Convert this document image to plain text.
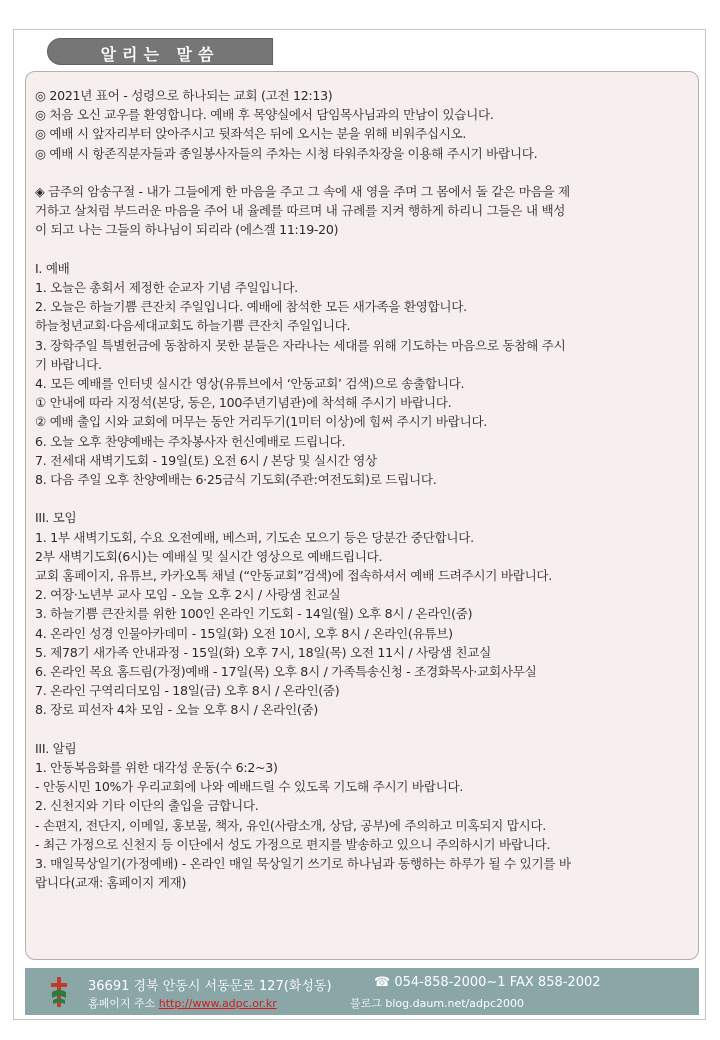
알리는 말씀
◎ 2021년 표어 - 성령으로 하나되는 교회 (고전 12:13)
◎ 처음 오신 교우를 환영합니다. 예배 후 목양실에서 담임목사님과의 만남이 있습니다.
◎ 예배 시 앞자리부터 앉아주시고 뒷좌석은 뒤에 오시는 분을 위해 비워주십시오.
◎ 예배 시 항존직분자들과 종일봉사자들의 주차는 시청 타워주차장을 이용해 주시기 바랍니다.
◈ 금주의 암송구절 - 내가 그들에게 한 마음을 주고 그 속에 새 영을 주며 그 몸에서 돌 같은 마음을 제
거하고 살처럼 부드러운 마음을 주어 내 율례를 따르며 내 규례를 지켜 행하게 하리니 그들은 내 백성
이 되고 나는 그들의 하나님이 되리라 (에스겔 11:19-20)
I. 예배
1. 오늘은 총회서 제정한 순교자 기념 주일입니다.
2. 오늘은 하늘기쁨 큰잔치 주일입니다. 예배에 참석한 모든 새가족을 환영합니다.
하늘청년교회·다음세대교회도 하늘기쁨 큰잔치 주일입니다.
3. 장학주일 특별헌금에 동참하지 못한 분들은 자라나는 세대를 위해 기도하는 마음으로 동참해 주시
기 바랍니다.
4. 모든 예배를 인터넷 실시간 영상(유튜브에서 ‘안동교회’ 검색)으로 송출합니다.
① 안내에 따라 지정석(본당, 동은, 100주년기념관)에 착석해 주시기 바랍니다.
② 예배 출입 시와 교회에 머무는 동안 거리두기(1미터 이상)에 힘써 주시기 바랍니다.
6. 오늘 오후 찬양예배는 주차봉사자 헌신예배로 드립니다.
7. 전세대 새벽기도회 - 19일(토) 오전 6시 / 본당 및 실시간 영상
8. 다음 주일 오후 찬양예배는 6·25금식 기도회(주관:여전도회)로 드립니다.
III. 모임
1. 1부 새벽기도회, 수요 오전예배, 베스퍼, 기도손 모으기 등은 당분간 중단합니다.
2부 새벽기도회(6시)는 예배실 및 실시간 영상으로 예배드립니다.
교회 홈페이지, 유튜브, 카카오톡 채널 (“안동교회”검색)에 접속하셔서 예배 드려주시기 바랍니다.
2. 여장·노년부 교사 모임 - 오늘 오후 2시 / 사랑샘 친교실
3. 하늘기쁨 큰잔치를 위한 100인 온라인 기도회 - 14일(월) 오후 8시 / 온라인(줌)
4. 온라인 성경 인물아카데미 - 15일(화) 오전 10시, 오후 8시 / 온라인(유튜브)
5. 제78기 새가족 안내과정 - 15일(화) 오후 7시, 18일(목) 오전 11시 / 사랑샘 친교실
6. 온라인 목요 홈드림(가정)예배 - 17일(목) 오후 8시 / 가족특송신청 - 조경화목사·교회사무실
7. 온라인 구역리더모임 - 18일(금) 오후 8시 / 온라인(줌)
8. 장로 피선자 4차 모임 - 오늘 오후 8시 / 온라인(줌)
III. 알림
1. 안동복음화를 위한 대각성 운동(수 6:2~3)
- 안동시민 10%가 우리교회에 나와 예배드릴 수 있도록 기도해 주시기 바랍니다.
2. 신천지와 기타 이단의 출입을 금합니다.
- 손편지, 전단지, 이메일, 홍보물, 책자, 유인(사람소개, 상담, 공부)에 주의하고 미혹되지 맙시다.
- 최근 가정으로 신천지 등 이단에서 성도 가정으로 편지를 발송하고 있으니 주의하시기 바랍니다.
3. 매일묵상일기(가정예배) - 온라인 매일 묵상일기 쓰기로 하나님과 동행하는 하루가 될 수 있기를 바
랍니다(교재: 홈페이지 게재)
36691 경북 안동시 서동문로 127(화성동)	☎ 054-858-2000~1 FAX 858-2002
홈페이지 주소 http://www.adpc.or.kr	블로그 blog.daum.net/adpc2000
